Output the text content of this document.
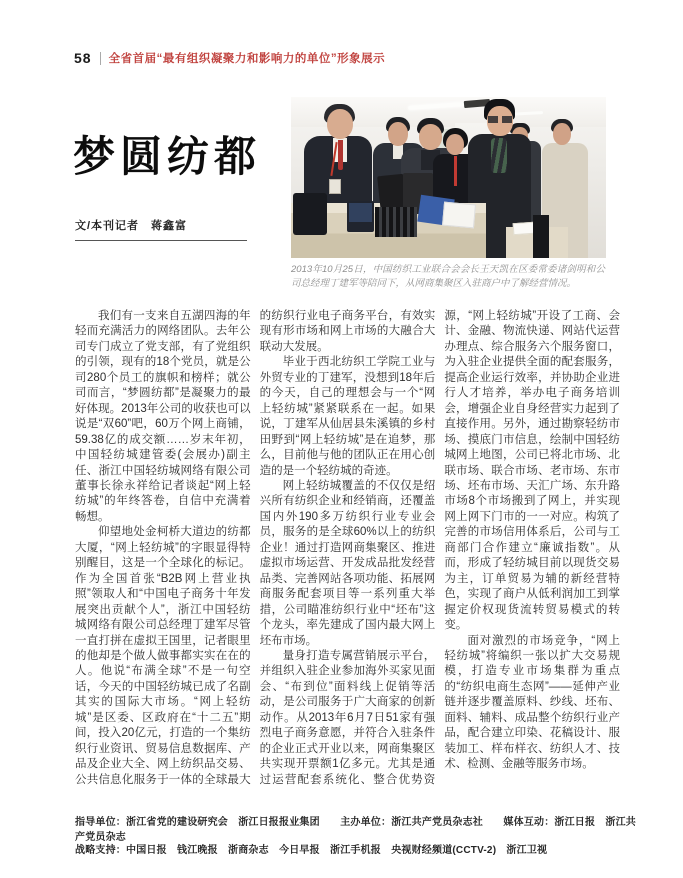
58 全省首届“最有组织凝聚力和影响力的单位”形象展示
梦圆纺都
文/本刊记者　蒋鑫富
2013年10月25日，中国纺织工业联合会会长王天凯在区委常委诸剑明和公司总经理丁建军等陪同下，从网商集聚区入驻商户中了解经营情况。

我们有一支来自五湖四海的年轻而充满活力的网络团队。去年公司专门成立了党支部，有了党组织的引领，现有的18个党员，就是公司280个员工的旗帜和榜样；就公司而言，“梦圆纺都”是凝聚力的最好体现。2013年公司的收获也可以说是“双60”吧，60万个网上商铺，59.38亿的成交额……岁末年初，中国轻纺城建管委(会展办)副主任、浙江中国轻纺城网络有限公司董事长徐永祥给记者谈起“网上轻纺城”的年终答卷，自信中充满着畅想。

仰望地处金柯桥大道边的纺都大厦，“网上轻纺城”的字眼显得特别醒目，这是一个全球化的标记。作为全国首张“B2B网上营业执照”领取人和“中国电子商务十年发展突出贡献个人”，浙江中国轻纺城网络有限公司总经理丁建军尽管一直打拼在虚拟王国里，记者眼里的他却是个做人做事都实实在在的人。他说“布满全球”不是一句空话，今天的中国轻纺城已成了名副其实的国际大市场。“网上轻纺城”是区委、区政府在“十二五”期间，投入20亿元，打造的一个集纺织行业资讯、贸易信息数据库、产品及企业大全、网上纺织品交易、公共信息化服务于一体的全球最大的纺织行业电子商务平台，有效实现有形市场和网上市场的大融合大联动大发展。

毕业于西北纺织工学院工业与外贸专业的丁建军，没想到18年后的今天，自己的理想会与一个“网上轻纺城”紧紧联系在一起。如果说，丁建军从仙居县朱溪镇的乡村田野到“网上轻纺城”是在追梦，那么，目前他与他的团队正在用心创造的是一个轻纺城的奇迹。

网上轻纺城覆盖的不仅仅是绍兴所有纺织企业和经销商，还覆盖国内外190多万纺织行业专业会员，服务的是全球60%以上的纺织企业！通过打造网商集聚区、推进虚拟市场运营、开发成品批发经营品类、完善网站各项功能、拓展网商服务配套项目等一系列重大举措，公司瞄准纺织行业中“坯布”这个龙头，率先建成了国内最大网上坯布市场。

量身打造专属营销展示平台，并组织入驻企业参加海外买家见面会、“布到位”面料线上促销等活动，是公司服务于广大商家的创新动作。从2013年6月7日51家有强烈电子商务意愿，并符合入驻条件的企业正式开业以来，网商集聚区共实现开票额1亿多元。尤其是通过运营配套系统化、整合优势资源，“网上轻纺城”开设了工商、会计、金融、物流快递、网站代运营办理点、综合服务六个服务窗口，为入驻企业提供全面的配套服务，提高企业运行效率，并协助企业进行人才培养，举办电子商务培训会，增强企业自身经营实力起到了直接作用。另外，通过勘察轻纺市场、摸底门市信息，绘制中国轻纺城网上地图，公司已将北市场、北联市场、联合市场、老市场、东市场、坯布市场、天汇广场、东升路市场8个市场搬到了网上，并实现网上网下门市的一一对应。构筑了完善的市场信用体系后，公司与工商部门合作建立“廉诚指数”。从而，形成了轻纺城目前以现货交易为主，订单贸易为辅的新经营特色，实现了商户从低利润加工到掌握定价权现货流转贸易模式的转变。

面对激烈的市场竞争，“网上轻纺城”将编织一张以扩大交易规模，打造专业市场集群为重点的“纺织电商生态网”——延伸产业链并逐步覆盖原料、纱线、坯布、面料、辅料、成品整个纺织行业产品，配合建立印染、花稿设计、服装加工、样布样衣、纺织人才、技术、检测、金融等服务市场。

指导单位：浙江省党的建设研究会　浙江日报报业集团　　主办单位：浙江共产党员杂志社　　媒体互动：浙江日报　浙江共产党员杂志
战略支持：中国日报　钱江晚报　浙商杂志　今日早报　浙江手机报　央视财经频道(CCTV-2)　浙江卫视
